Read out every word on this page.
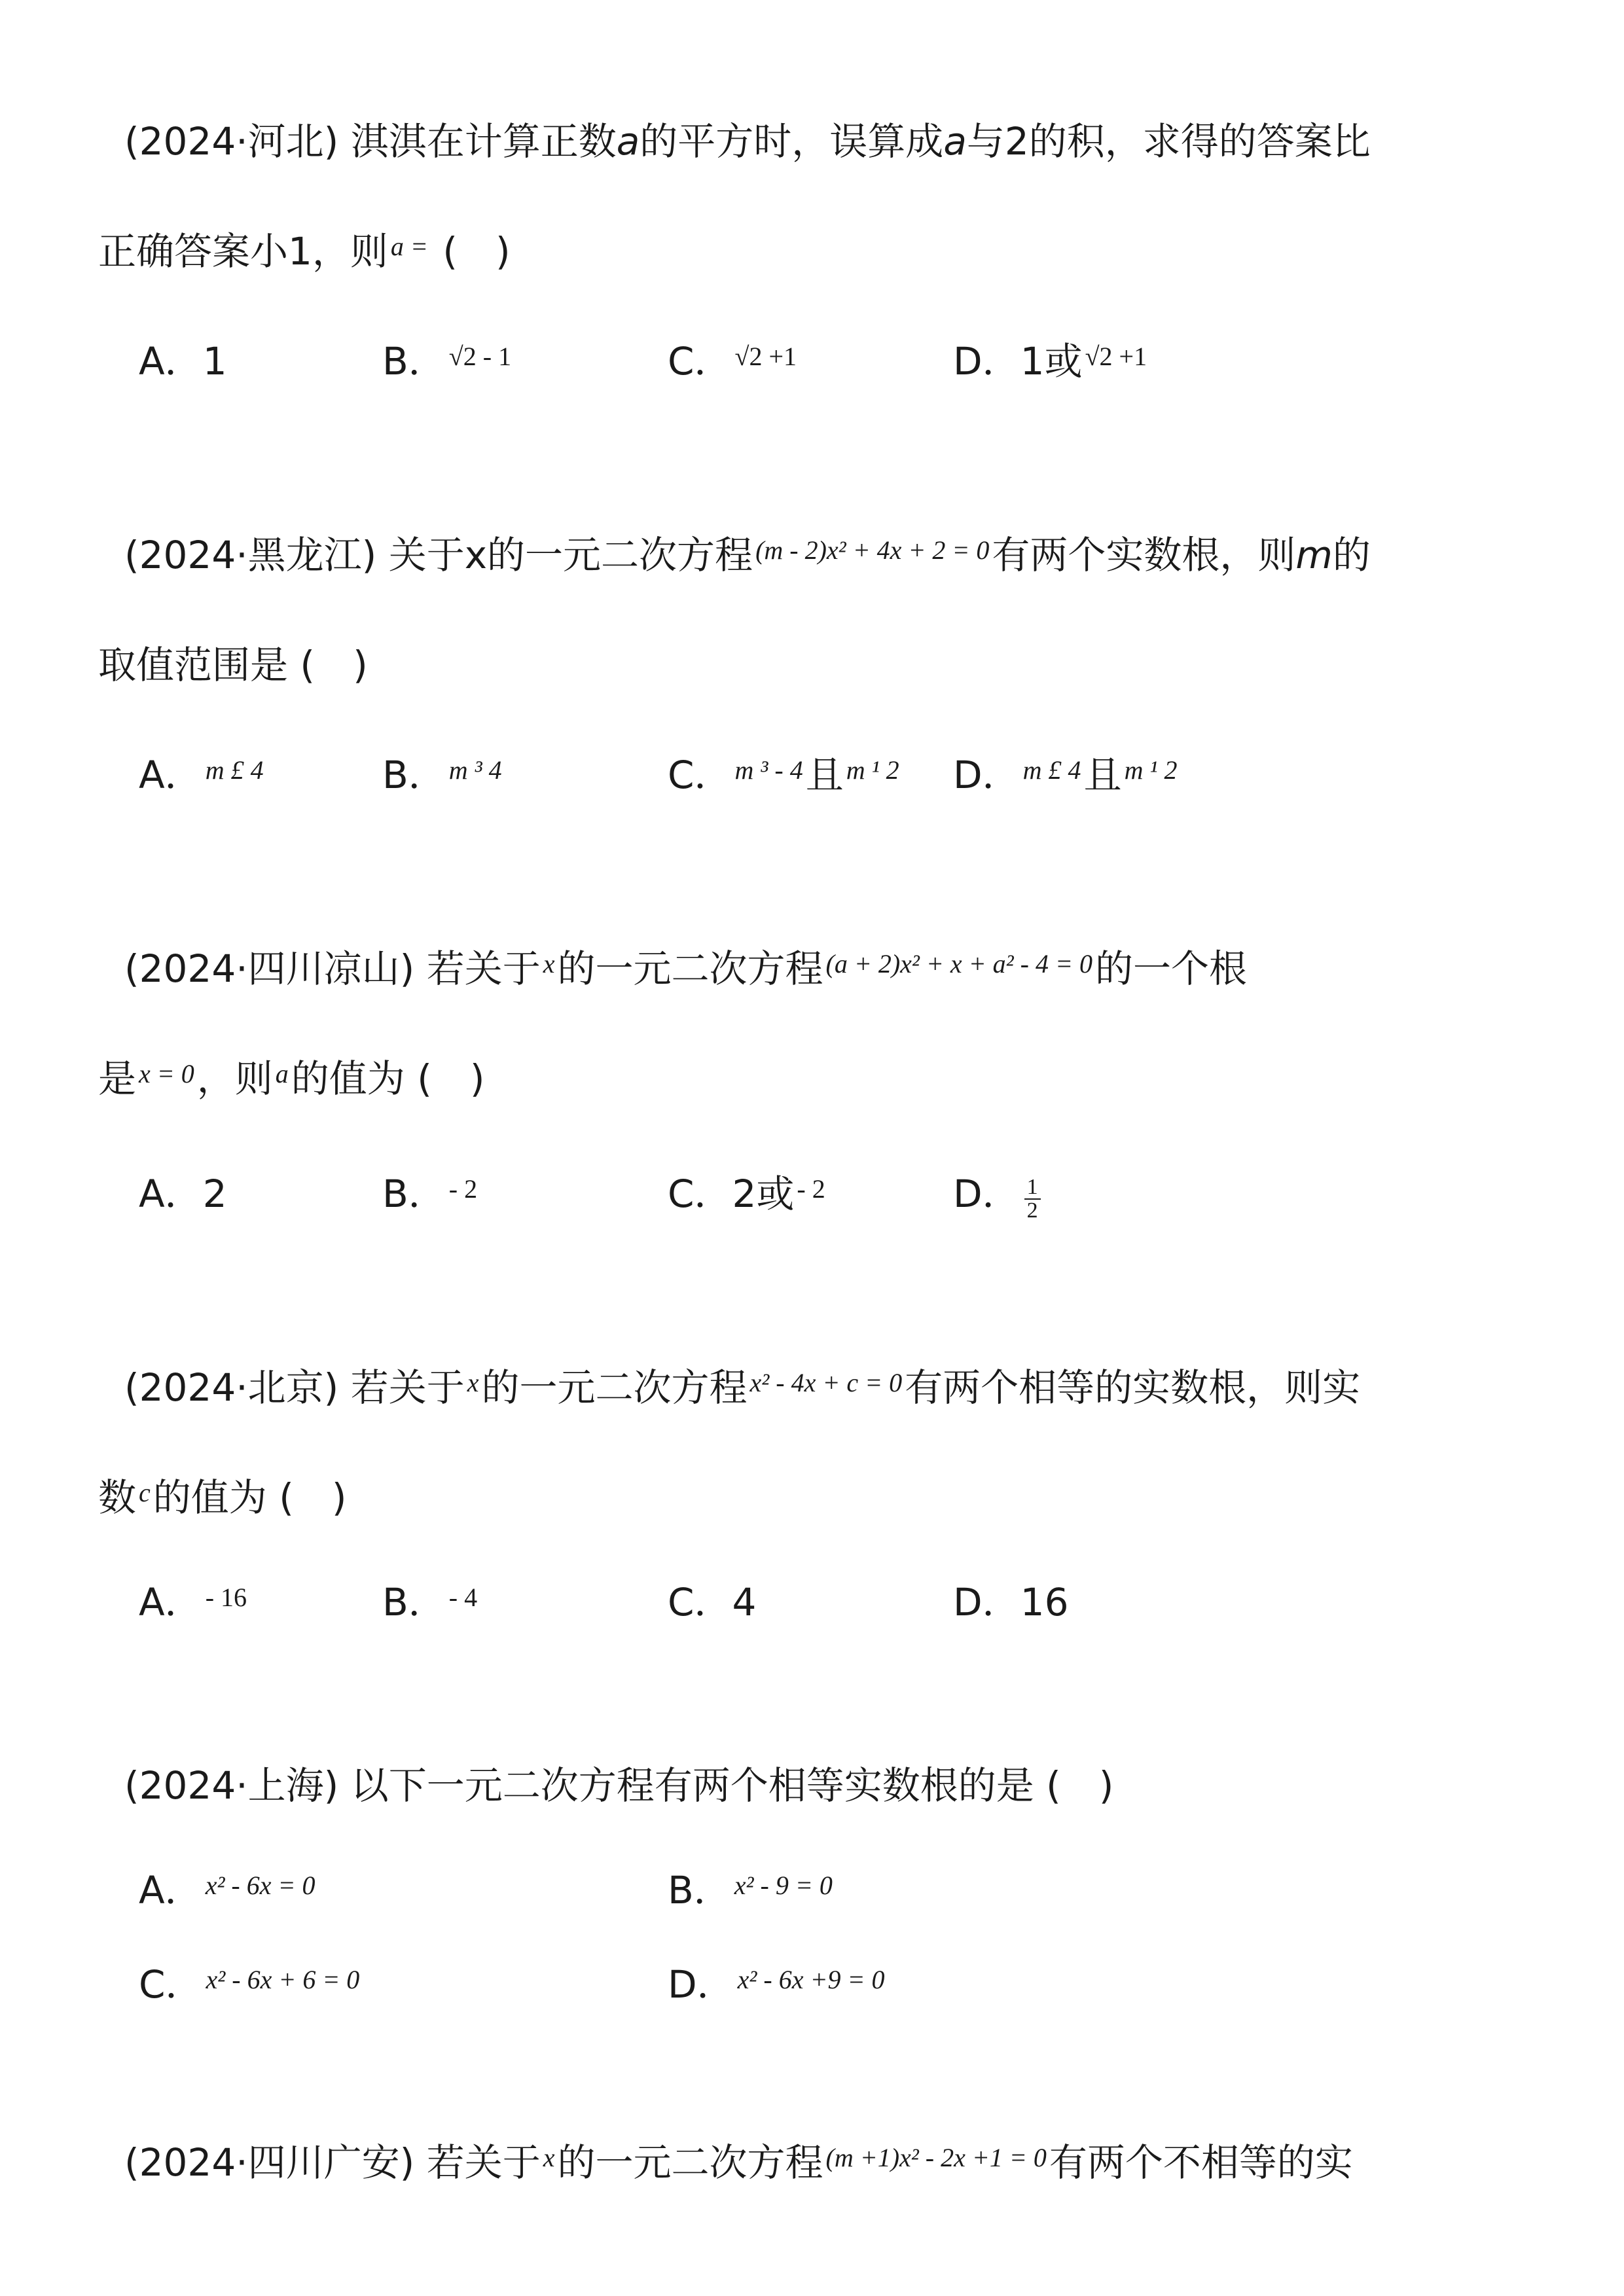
(2024·河北) 淇淇在计算正数a的平方时，误算成a与2的积，求得的答案比
正确答案小1，则 $^{a =}$ (　)
A．1	B． $^{√2 - 1}$	C． $^{√2 +1}$	D．1或 $^{√2 +1}$
(2024·黑龙江) 关于x的一元二次方程 $^{(m - 2)x^2 + 4x + 2 = 0}$有两个实数根，则m的
取值范围是 (　)
A． $^{m £ 4}$	B． $^{m ^3 4}$	C． $^{m ^3 - 4}$且 $^{m ^1 2}$ D． $^{m £ 4}$且 $^{m ^1 2}$
(2024·四川凉山) 若关于 $^x$的一元二次方程 $^{(a + 2)x^2 + x + a^2 - 4 = 0}$的一个根
是 $^{x = 0}$，则 $^a$的值为 (　)
A．2	B． $^{- 2}$	C．2或 $^{- 2}$	D． $\frac{1}{2}$
(2024·北京) 若关于 $^x$的一元二次方程 $^{x^2 - 4x + c = 0}$有两个相等的实数根，则实
数 $^c$的值为 (　)
A． $^{- 16}$	B． $^{- 4}$	C．4	D．16
(2024·上海) 以下一元二次方程有两个相等实数根的是 (　)
A． $^{x^2 - 6x = 0}$	B． $^{x^2 - 9 = 0}$
C． $^{x^2 - 6x + 6 = 0}$	D． $^{x^2 - 6x +9 = 0}$
(2024·四川广安) 若关于 $^x$的一元二次方程 $^{(m +1)x^2 - 2x +1 = 0}$有两个不相等的实
